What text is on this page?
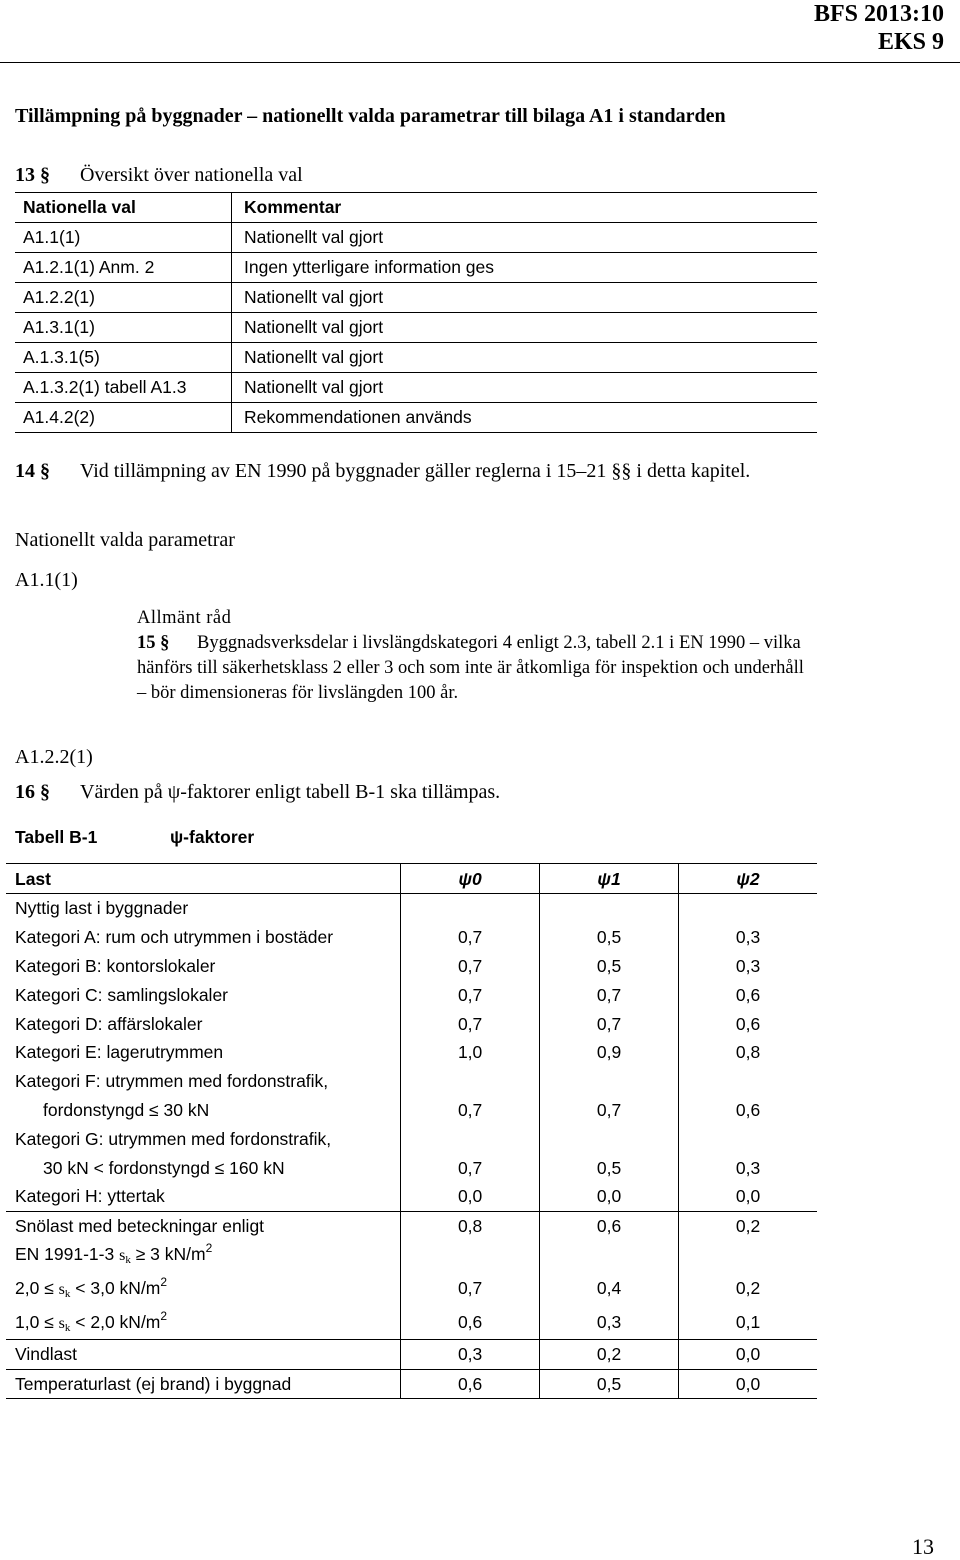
BFS 2013:10
EKS 9
Tillämpning på byggnader – nationellt valda parametrar till bilaga A1 i standarden
13 § Översikt över nationella val
Nationella val	Kommentar
A1.1(1)	Nationellt val gjort
A1.2.1(1) Anm. 2	Ingen ytterligare information ges
A1.2.2(1)	Nationellt val gjort
A1.3.1(1)	Nationellt val gjort
A.1.3.1(5)	Nationellt val gjort
A.1.3.2(1) tabell A1.3	Nationellt val gjort
A1.4.2(2)	Rekommendationen används
14 § Vid tillämpning av EN 1990 på byggnader gäller reglerna i 15–21 §§ i detta kapitel.
Nationellt valda parametrar
A1.1(1)
Allmänt råd
15 § Byggnadsverksdelar i livslängdskategori 4 enligt 2.3, tabell 2.1 i EN 1990 – vilka hänförs till säkerhetsklass 2 eller 3 och som inte är åtkomliga för inspektion och underhåll – bör dimensioneras för livslängden 100 år.
A1.2.2(1)
16 § Värden på ψ-faktorer enligt tabell B-1 ska tillämpas.
Tabell B-1	ψ-faktorer
Last	ψ0	ψ1	ψ2
Nyttig last i byggnader			
Kategori A: rum och utrymmen i bostäder	0,7	0,5	0,3
Kategori B: kontorslokaler	0,7	0,5	0,3
Kategori C: samlingslokaler	0,7	0,7	0,6
Kategori D: affärslokaler	0,7	0,7	0,6
Kategori E: lagerutrymmen	1,0	0,9	0,8
Kategori F: utrymmen med fordonstrafik,			
fordonstyngd ≤ 30 kN	0,7	0,7	0,6
Kategori G: utrymmen med fordonstrafik,			
30 kN < fordonstyngd ≤ 160 kN	0,7	0,5	0,3
Kategori H: yttertak	0,0	0,0	0,0

Snölast med beteckningar enligt
EN 1991-1-3 $s_k \ge 3$ $kN/m^2$	0,8	0,6	0,2
$2,0 \le s_k < 3,0$ $kN/m^2$	0,7	0,4	0,2
$1,0 \le s_k < 2,0$ $kN/m^2$	0,6	0,3	0,1
Vindlast	0,3	0,2	0,0
Temperaturlast (ej brand) i byggnad	0,6	0,5	0,0
13
